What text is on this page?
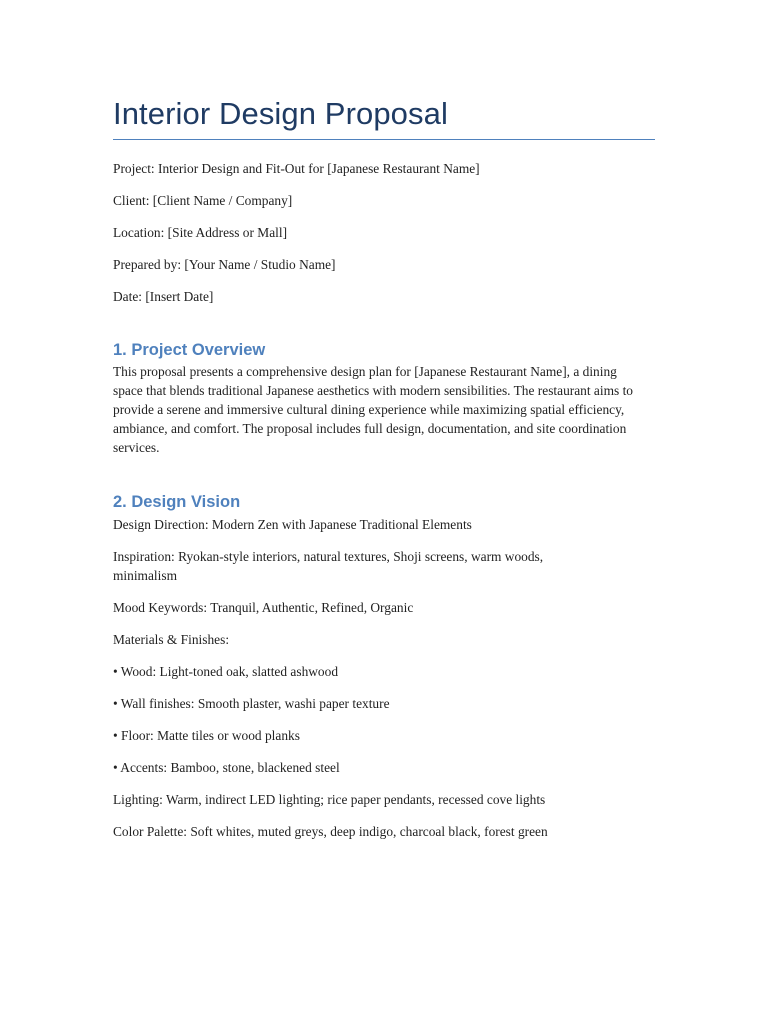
Interior Design Proposal

Project: Interior Design and Fit-Out for [Japanese Restaurant Name]

Client: [Client Name / Company]

Location: [Site Address or Mall]

Prepared by: [Your Name / Studio Name]

Date: [Insert Date]

1. Project Overview

This proposal presents a comprehensive design plan for [Japanese Restaurant Name], a dining space that blends traditional Japanese aesthetics with modern sensibilities. The restaurant aims to provide a serene and immersive cultural dining experience while maximizing spatial efficiency, ambiance, and comfort. The proposal includes full design, documentation, and site coordination services.

2. Design Vision

Design Direction: Modern Zen with Japanese Traditional Elements

Inspiration: Ryokan-style interiors, natural textures, Shoji screens, warm woods, minimalism

Mood Keywords: Tranquil, Authentic, Refined, Organic

Materials & Finishes:

• Wood: Light-toned oak, slatted ashwood

• Wall finishes: Smooth plaster, washi paper texture

• Floor: Matte tiles or wood planks

• Accents: Bamboo, stone, blackened steel

Lighting: Warm, indirect LED lighting; rice paper pendants, recessed cove lights

Color Palette: Soft whites, muted greys, deep indigo, charcoal black, forest green
